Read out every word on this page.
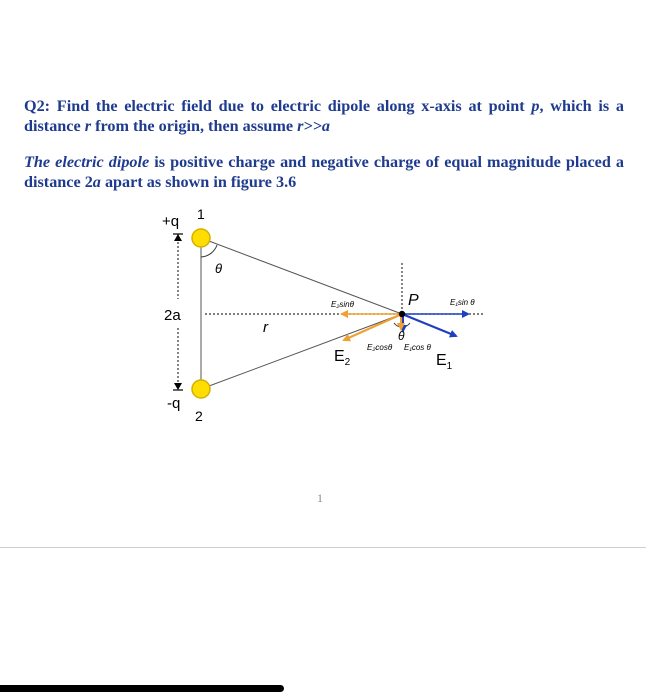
Q2: Find the electric field due to electric dipole along x-axis at point p, which is a distance r from the origin, then assume r>>a

The electric dipole is positive charge and negative charge of equal magnitude placed a distance 2a apart as shown in figure 3.6

+q 1
-q
2
2a
r
θ
θ
P
E₂sinθ	E₁sin θ
E₂cosθ E₁cos θ
$E_2$	$E_1$
1
